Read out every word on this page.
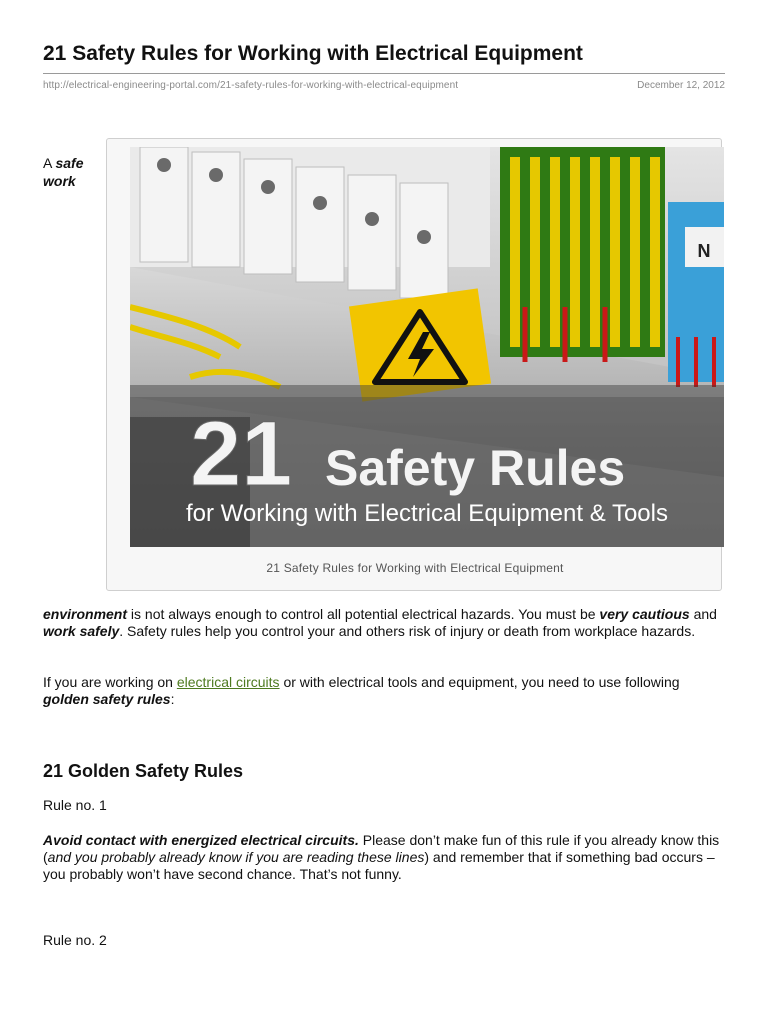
21 Safety Rules for Working with Electrical Equipment
http://electrical-engineering-portal.com/21-safety-rules-for-working-with-electrical-equipment	December 12, 2012
A safe
work
N
21 Safety Rules
for Working with Electrical Equipment & Tools
21 Safety Rules for Working with Electrical Equipment

environment is not always enough to control all potential electrical hazards. You must be very cautious and work safely. Safety rules help you control your and others risk of injury or death from workplace hazards.

If you are working on electrical circuits or with electrical tools and equipment, you need to use following golden safety rules:

21 Golden Safety Rules

Rule no. 1

Avoid contact with energized electrical circuits. Please don’t make fun of this rule if you already know this (and you probably already know if you are reading these lines) and remember that if something bad occurs – you probably won’t have second chance. That’s not funny.

Rule no. 2
